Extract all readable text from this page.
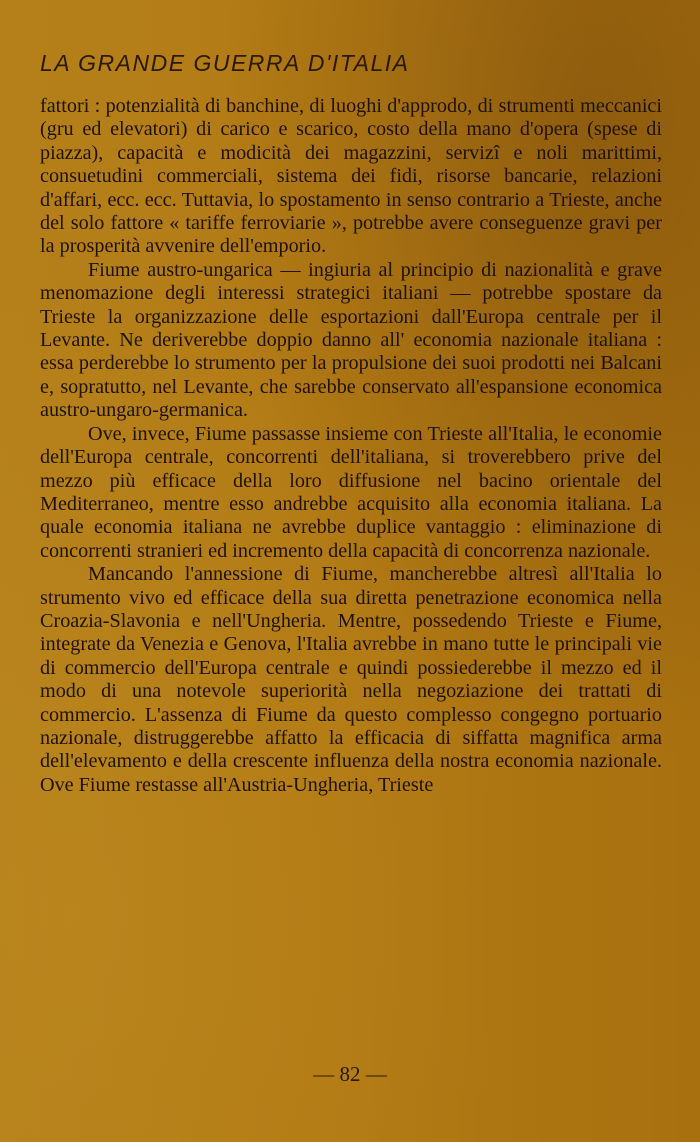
LA GRANDE GUERRA D'ITALIA

fattori : potenzialità di banchine, di luoghi d'approdo, di strumenti meccanici (gru ed elevatori) di carico e scarico, costo della mano d'opera (spese di piazza), capacità e modicità dei magazzini, servizî e noli marittimi, consuetudini commerciali, sistema dei fidi, risorse bancarie, relazioni d'affari, ecc. ecc. Tuttavia, lo spostamento in senso contrario a Trieste, anche del solo fattore « tariffe ferroviarie », potrebbe avere conseguenze gravi per la prosperità avvenire dell'emporio.

Fiume austro-ungarica — ingiuria al principio di nazionalità e grave menomazione degli interessi strategici italiani — potrebbe spostare da Trieste la organizzazione delle esportazioni dall'Europa centrale per il Levante. Ne deriverebbe doppio danno all' economia nazionale italiana : essa perderebbe lo strumento per la propulsione dei suoi prodotti nei Balcani e, sopratutto, nel Levante, che sarebbe conservato all'espansione economica austro-ungaro-germanica.

Ove, invece, Fiume passasse insieme con Trieste all'Italia, le economie dell'Europa centrale, concorrenti dell'italiana, si troverebbero prive del mezzo più efficace della loro diffusione nel bacino orientale del Mediterraneo, mentre esso andrebbe acquisito alla economia italiana. La quale economia italiana ne avrebbe duplice vantaggio : eliminazione di concorrenti stranieri ed incremento della capacità di concorrenza nazionale.

Mancando l'annessione di Fiume, mancherebbe altresì all'Italia lo strumento vivo ed efficace della sua diretta penetrazione economica nella Croazia-Slavonia e nell'Ungheria. Mentre, possedendo Trieste e Fiume, integrate da Venezia e Genova, l'Italia avrebbe in mano tutte le principali vie di commercio dell'Europa centrale e quindi possiederebbe il mezzo ed il modo di una notevole superiorità nella negoziazione dei trattati di commercio. L'assenza di Fiume da questo complesso congegno portuario nazionale, distruggerebbe affatto la efficacia di siffatta magnifica arma dell'elevamento e della crescente influenza della nostra economia nazionale. Ove Fiume restasse all'Austria-Ungheria, Trieste

— 82 —
